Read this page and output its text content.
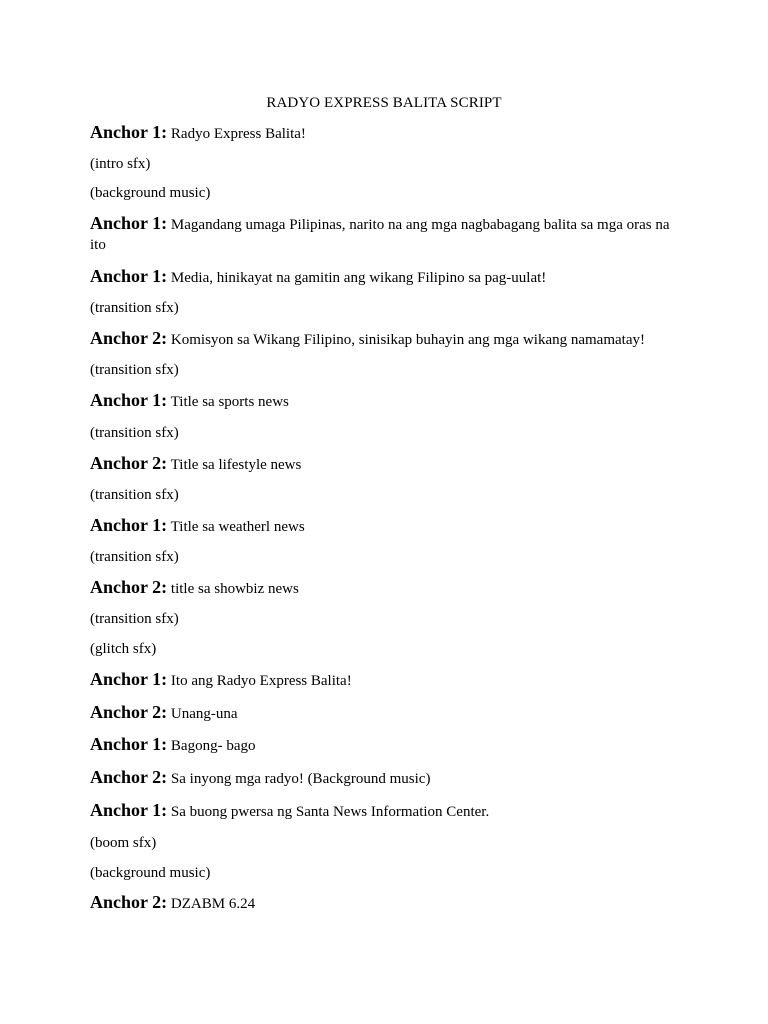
RADYO EXPRESS BALITA SCRIPT
Anchor 1: Radyo Express Balita!
(intro sfx)
(background music)
Anchor 1: Magandang umaga Pilipinas, narito na ang mga nagbabagang balita sa mga oras na ito
Anchor 1: Media, hinikayat na gamitin ang wikang Filipino sa pag-uulat!
(transition sfx)
Anchor 2: Komisyon sa Wikang Filipino, sinisikap buhayin ang mga wikang namamatay!
(transition sfx)
Anchor 1: Title sa sports news
(transition sfx)
Anchor 2: Title sa lifestyle news
(transition sfx)
Anchor 1: Title sa weatherl news
(transition sfx)
Anchor 2: title sa showbiz news
(transition sfx)
(glitch sfx)
Anchor 1: Ito ang Radyo Express Balita!
Anchor 2: Unang-una
Anchor 1: Bagong- bago
Anchor 2: Sa inyong mga radyo! (Background music)
Anchor 1: Sa buong pwersa ng Santa News Information Center.
(boom sfx)
(background music)
Anchor 2: DZABM 6.24
